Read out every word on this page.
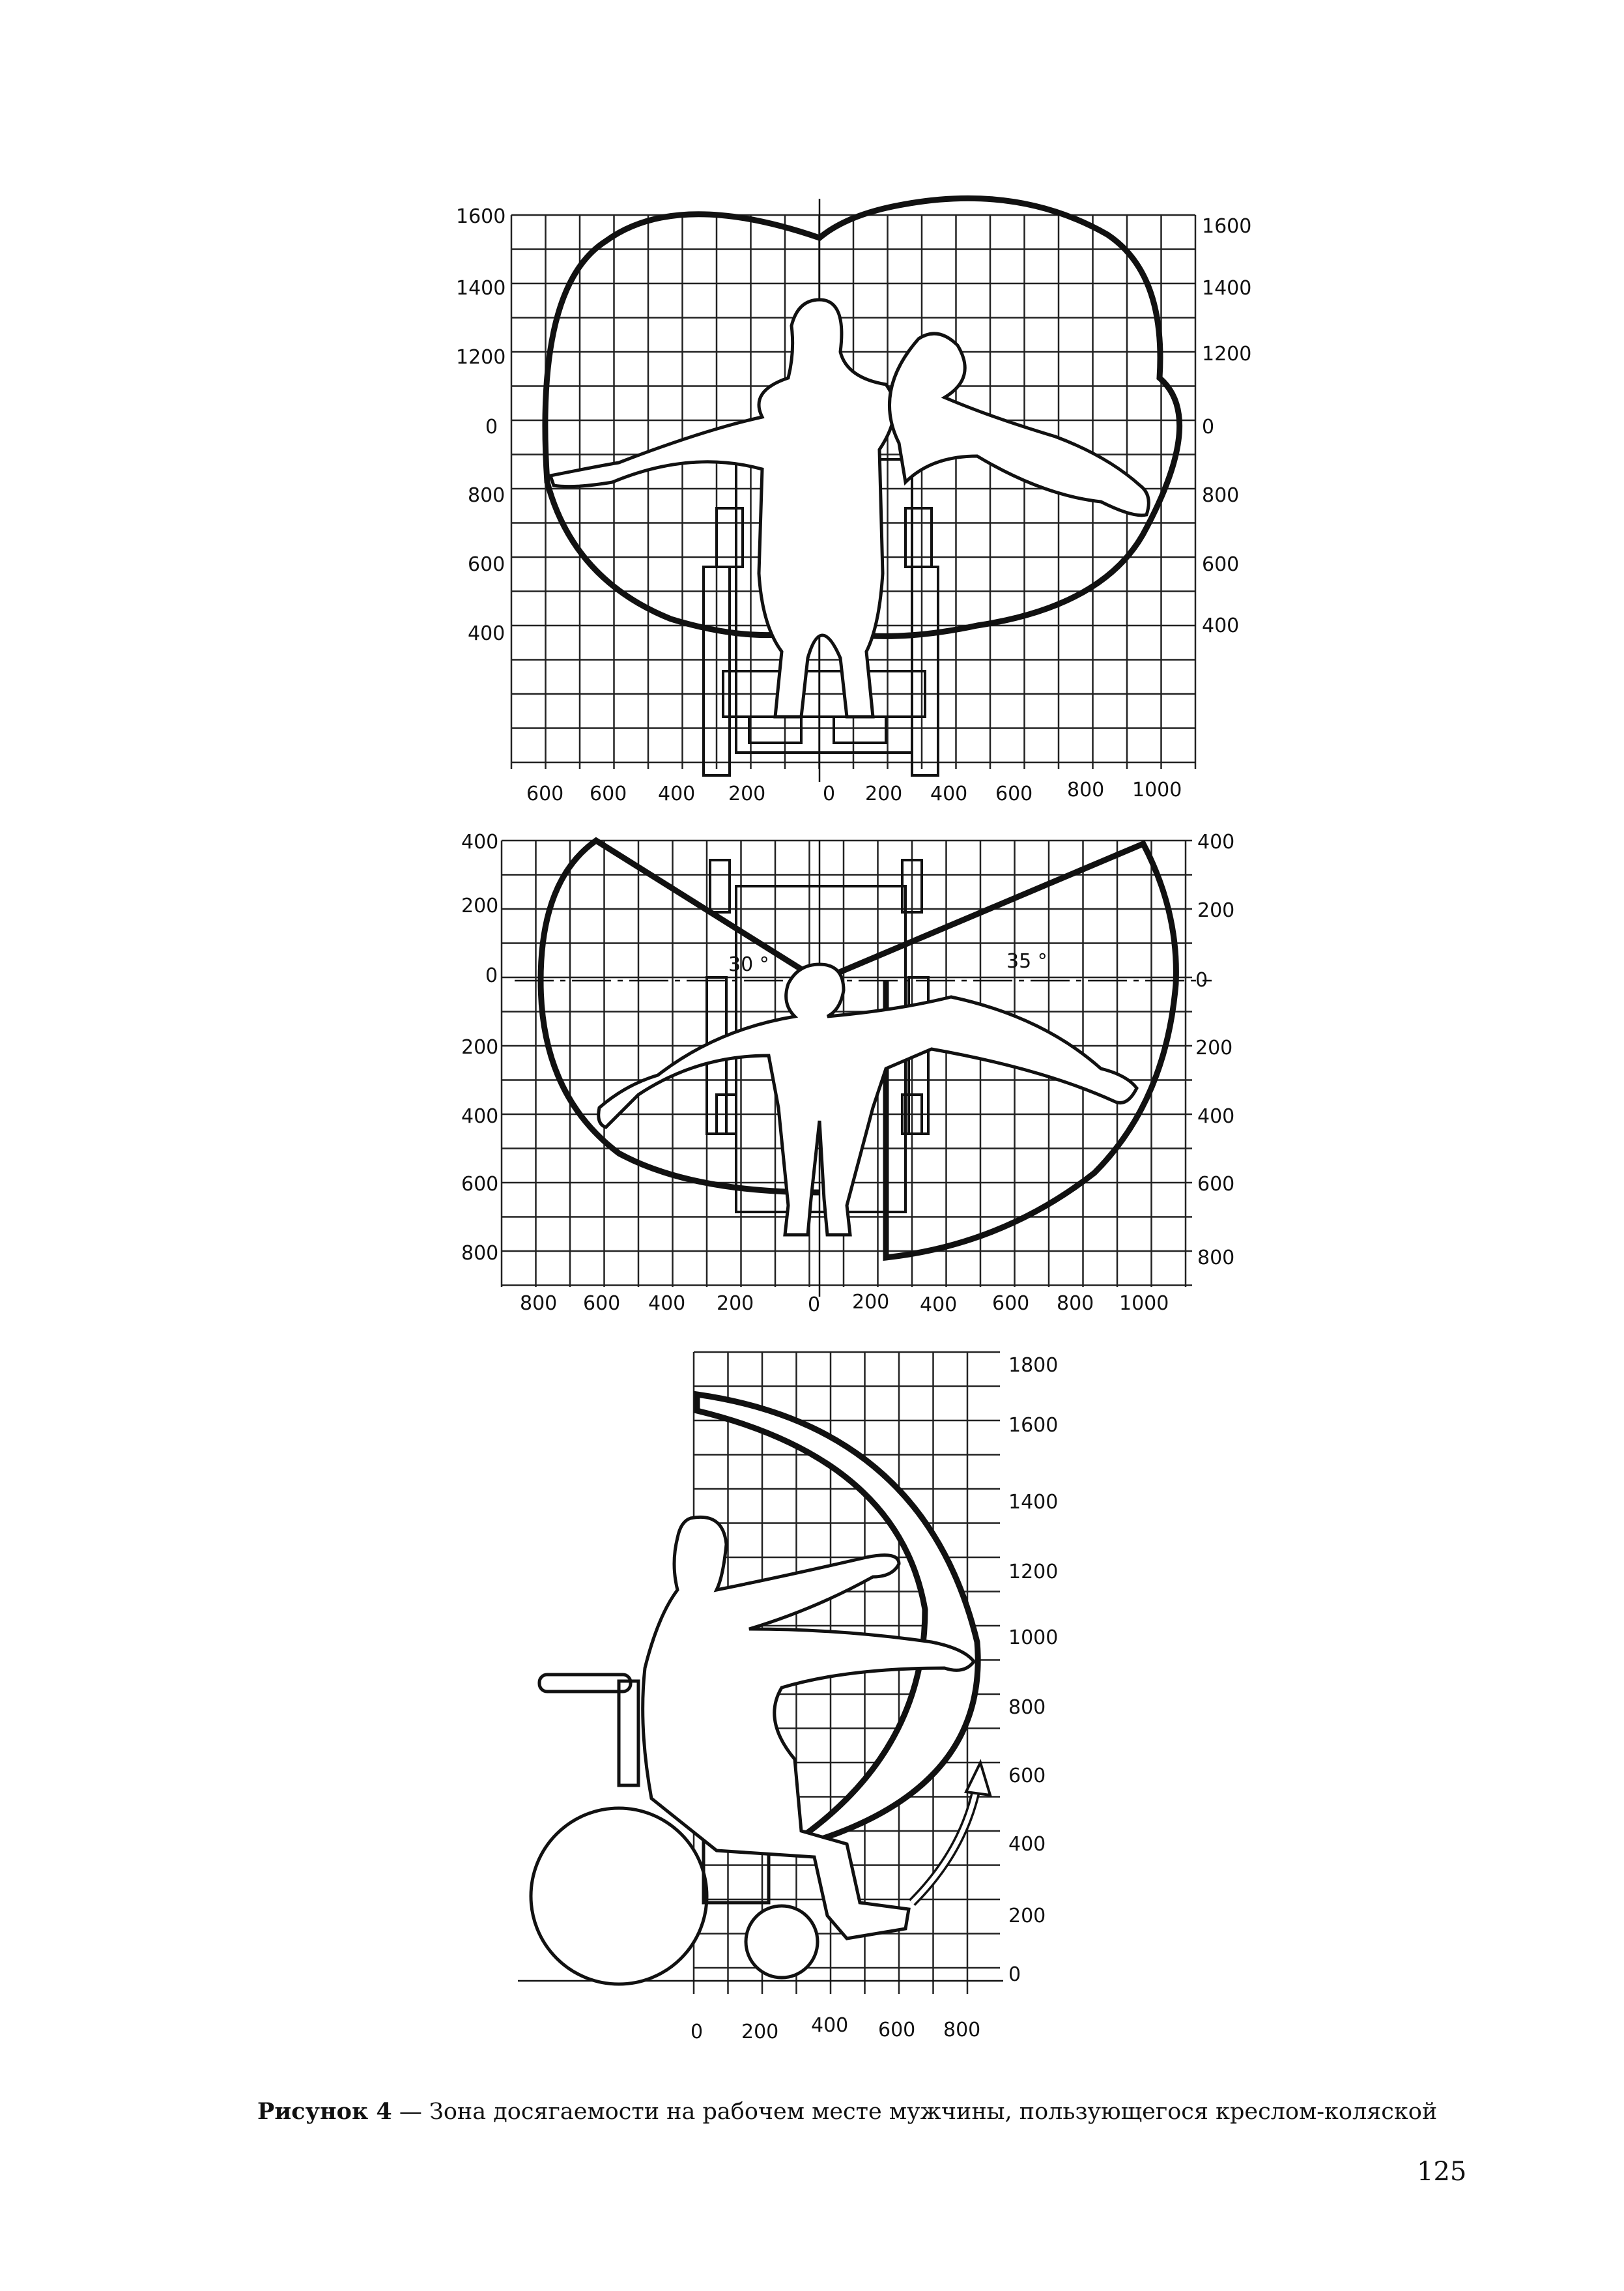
1600
1400
1200
0
800
600
400
1600
1400
1200
0
800
600
400
600 600 400 200	0 200 400 600 800 1000
30 °	35 °
400
200
0
200
400
600
800
400
200
0
200
400
600
800
800 600 400 200	0 200 400 600 800 1000
1800
1600
1400
1200
1000
800
600
400
200
0
0 200 400 600 800
Рисунок 4 — Зона досягаемости на рабочем месте мужчины, пользующегося креслом-коляской
125
